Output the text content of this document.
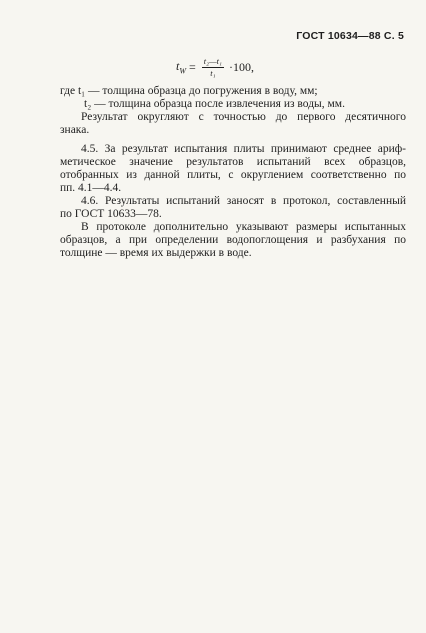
ГОСТ 10634—88 С. 5
$t_W = \frac{\text{t₂—t₁}}{\text{t₁}} \cdot 100$,
где t₁ — толщина образца до погружения в воду, мм;
t₂ — толщина образца после извлечения из воды, мм.
Результат округляют с точностью до первого десятичного
знака.
4.5. За результат испытания плиты принимают среднее ариф-
метическое значение результатов испытаний всех образцов,
отобранных из данной плиты, с округлением соответственно по
пп. 4.1—4.4.
4.6. Результаты испытаний заносят в протокол, составленный
по ГОСТ 10633—78.
В протоколе дополнительно указывают размеры испытанных
образцов, а при определении водопоглощения и разбухания по
толщине — время их выдержки в воде.
